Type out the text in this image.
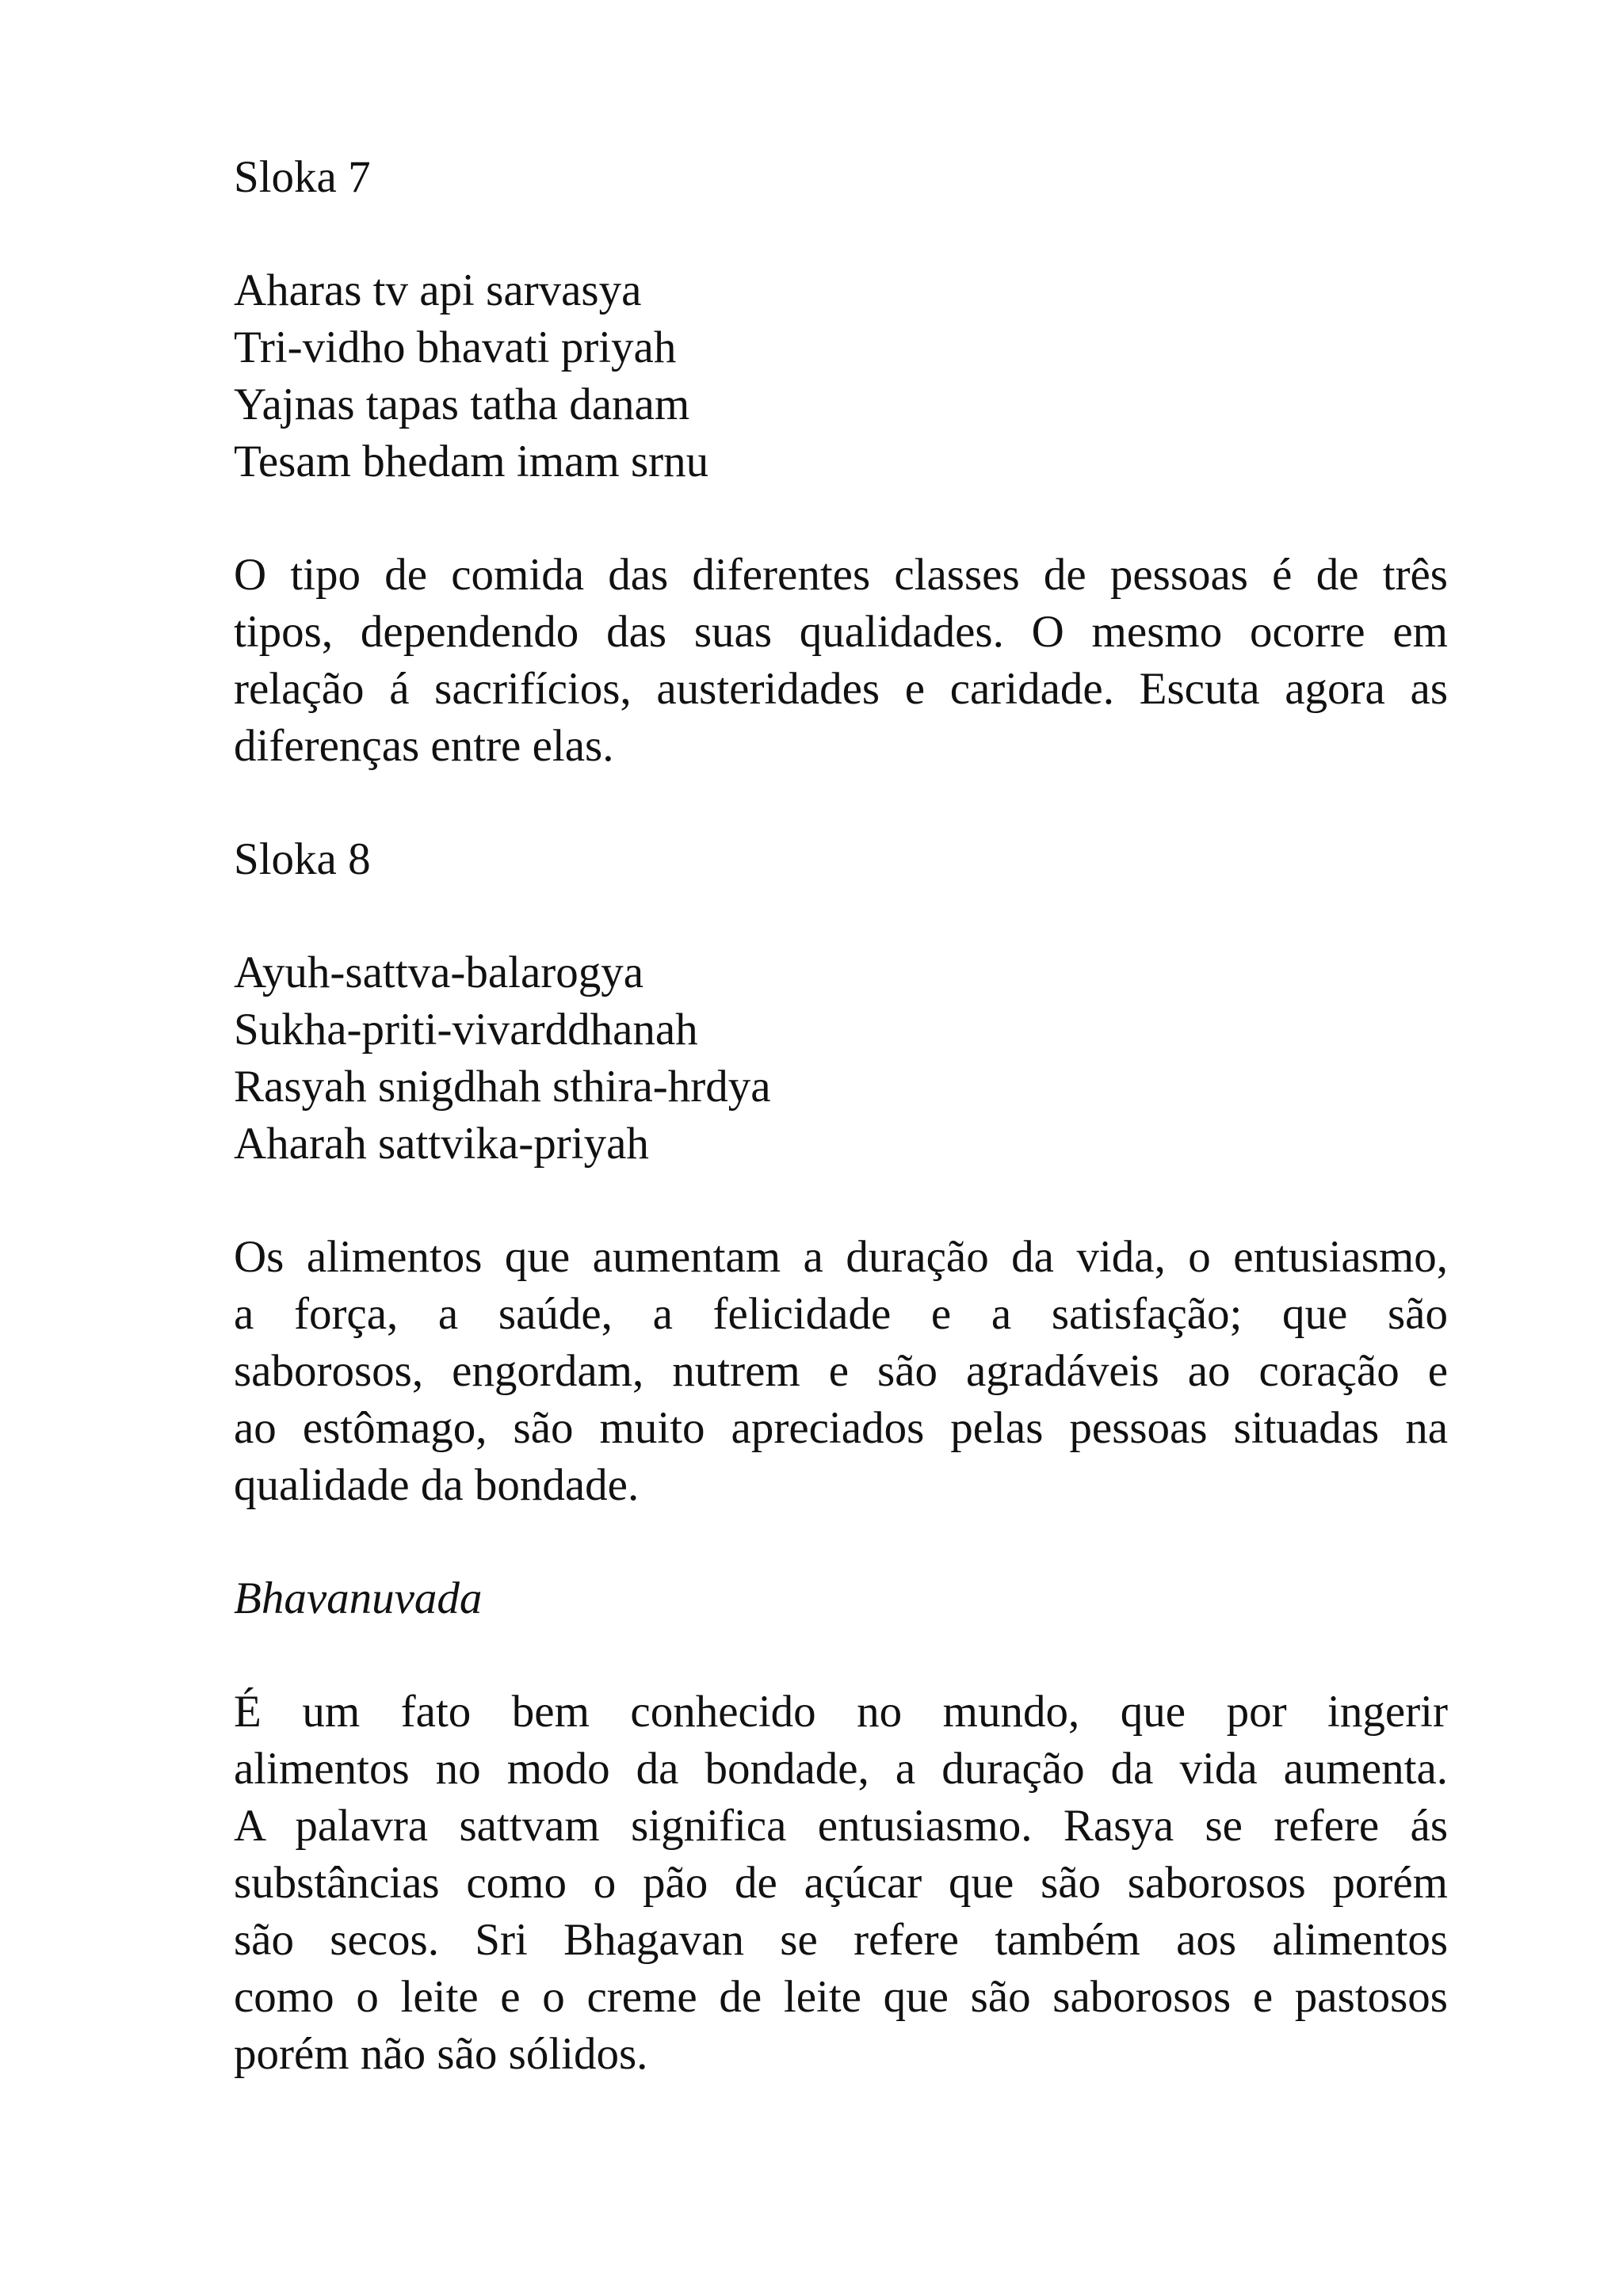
Sloka 7
Aharas tv api sarvasya
Tri-vidho bhavati priyah
Yajnas tapas tatha danam
Tesam bhedam imam srnu
O tipo de comida das diferentes classes de pessoas é de três
tipos, dependendo das suas qualidades. O mesmo ocorre em
relação á sacrifícios, austeridades e caridade. Escuta agora as
diferenças entre elas.
Sloka 8
Ayuh-sattva-balarogya
Sukha-priti-vivarddhanah
Rasyah snigdhah sthira-hrdya
Aharah sattvika-priyah
Os alimentos que aumentam a duração da vida, o entusiasmo,
a força, a saúde, a felicidade e a satisfação; que são
saborosos, engordam, nutrem e são agradáveis ao coração e
ao estômago, são muito apreciados pelas pessoas situadas na
qualidade da bondade.
Bhavanuvada
É um fato bem conhecido no mundo, que por ingerir
alimentos no modo da bondade, a duração da vida aumenta.
A palavra sattvam significa entusiasmo. Rasya se refere ás
substâncias como o pão de açúcar que são saborosos porém
são secos. Sri Bhagavan se refere também aos alimentos
como o leite e o creme de leite que são saborosos e pastosos
porém não são sólidos.
